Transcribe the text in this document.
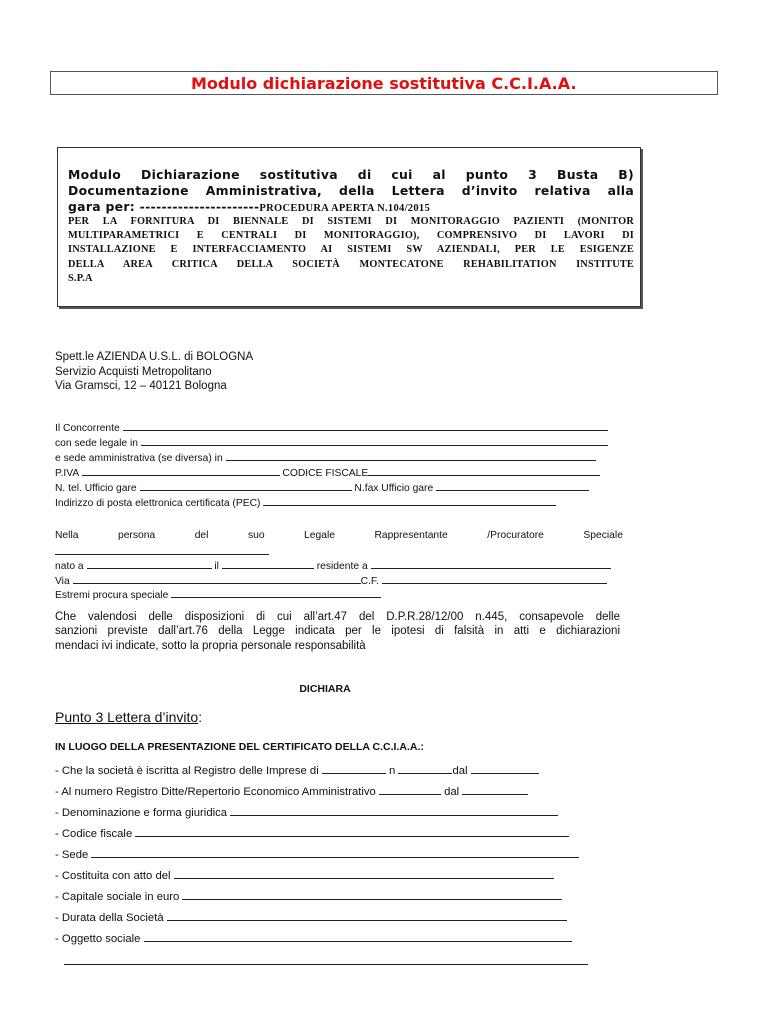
Modulo dichiarazione sostitutiva C.C.I.A.A.
Modulo Dichiarazione sostitutiva di cui al punto 3 Busta B)
Documentazione Amministrativa, della Lettera d’invito relativa alla
gara per: ----------------------PROCEDURA APERTA N.104/2015
PER LA FORNITURA DI BIENNALE DI SISTEMI DI MONITORAGGIO PAZIENTI (MONITOR
MULTIPARAMETRICI E CENTRALI DI MONITORAGGIO), COMPRENSIVO DI LAVORI DI
INSTALLAZIONE E INTERFACCIAMENTO AI SISTEMI SW AZIENDALI, PER LE ESIGENZE
DELLA AREA CRITICA DELLA SOCIETÀ MONTECATONE REHABILITATION INSTITUTE
S.P.A
Spett.le AZIENDA U.S.L. di BOLOGNA
Servizio Acquisti Metropolitano
Via Gramsci, 12 – 40121 Bologna
Il Concorrente
con sede legale in
e sede amministrativa (se diversa) in
P.IVA	CODICE FISCALE
N. tel. Ufficio gare	N.fax Ufficio gare
Indirizzo di posta elettronica certificata (PEC)
Nella	persona	del	suo	Legale	Rappresentante	/Procuratore	Speciale
nato a	il	residente a
Via	C.F.
Estremi procura speciale
Che valendosi delle disposizioni di cui all’art.47 del D.P.R.28/12/00 n.445, consapevole delle
sanzioni previste dall’art.76 della Legge indicata per le ipotesi di falsità in atti e dichiarazioni
mendaci ivi indicate, sotto la propria personale responsabilità
DICHIARA
Punto 3 Lettera d’invito:
IN LUOGO DELLA PRESENTAZIONE DEL CERTIFICATO DELLA C.C.I.A.A.:
- Che la società è iscritta al Registro delle Imprese di	n	dal
- Al numero Registro Ditte/Repertorio Economico Amministrativo	dal
- Denominazione e forma giuridica
- Codice fiscale
- Sede
- Costituita con atto del
- Capitale sociale in euro
- Durata della Società
- Oggetto sociale
